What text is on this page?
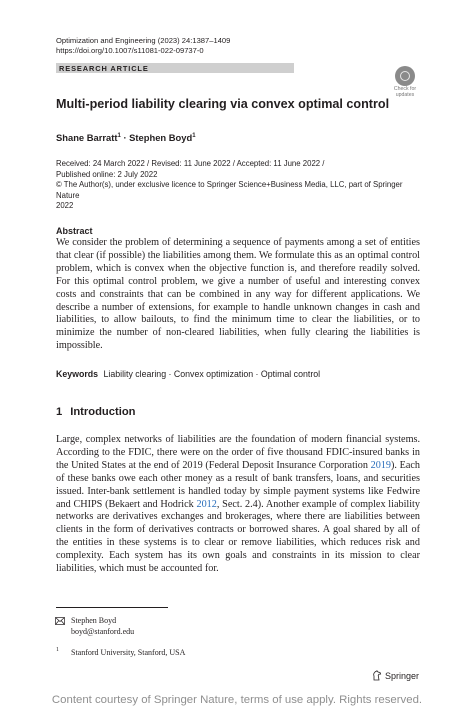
Optimization and Engineering (2023) 24:1387–1409
https://doi.org/10.1007/s11081-022-09737-0
RESEARCH ARTICLE
Check for
updates
Multi-period liability clearing via convex optimal control
Shane Barratt$^1$ · Stephen Boyd$^1$
Received: 24 March 2022 / Revised: 11 June 2022 / Accepted: 11 June 2022 /
Published online: 2 July 2022
© The Author(s), under exclusive licence to Springer Science+Business Media, LLC, part of Springer Nature
2022
Abstract
We consider the problem of determining a sequence of payments among a set of entities that clear (if possible) the liabilities among them. We formulate this as an optimal control problem, which is convex when the objective function is, and therefore readily solved. For this optimal control problem, we give a number of useful and interesting convex costs and constraints that can be combined in any way for different applications. We describe a number of extensions, for example to handle unknown changes in cash and liabilities, to allow bailouts, to find the minimum time to clear the liabilities, or to minimize the number of non-cleared liabilities, when fully clearing the liabilities is impossible.
Keywords Liability clearing · Convex optimization · Optimal control
1 Introduction
Large, complex networks of liabilities are the foundation of modern financial systems. According to the FDIC, there were on the order of five thousand FDIC-insured banks in the United States at the end of 2019 (Federal Deposit Insurance Corporation 2019). Each of these banks owe each other money as a result of bank transfers, loans, and securities issued. Inter-bank settlement is handled today by simple payment systems like Fedwire and CHIPS (Bekaert and Hodrick 2012, Sect. 2.4). Another example of complex liability networks are derivatives exchanges and brokerages, where there are liabilities between clients in the form of derivatives contracts or borrowed shares. A goal shared by all of the entities in these systems is to clear or remove liabilities, which reduces risk and complexity. Each system has its own goals and constraints in its mission to clear liabilities, which must be accounted for.
Stephen Boyd
boyd@stanford.edu
1 Stanford University, Stanford, USA
Springer
Content courtesy of Springer Nature, terms of use apply. Rights reserved.
